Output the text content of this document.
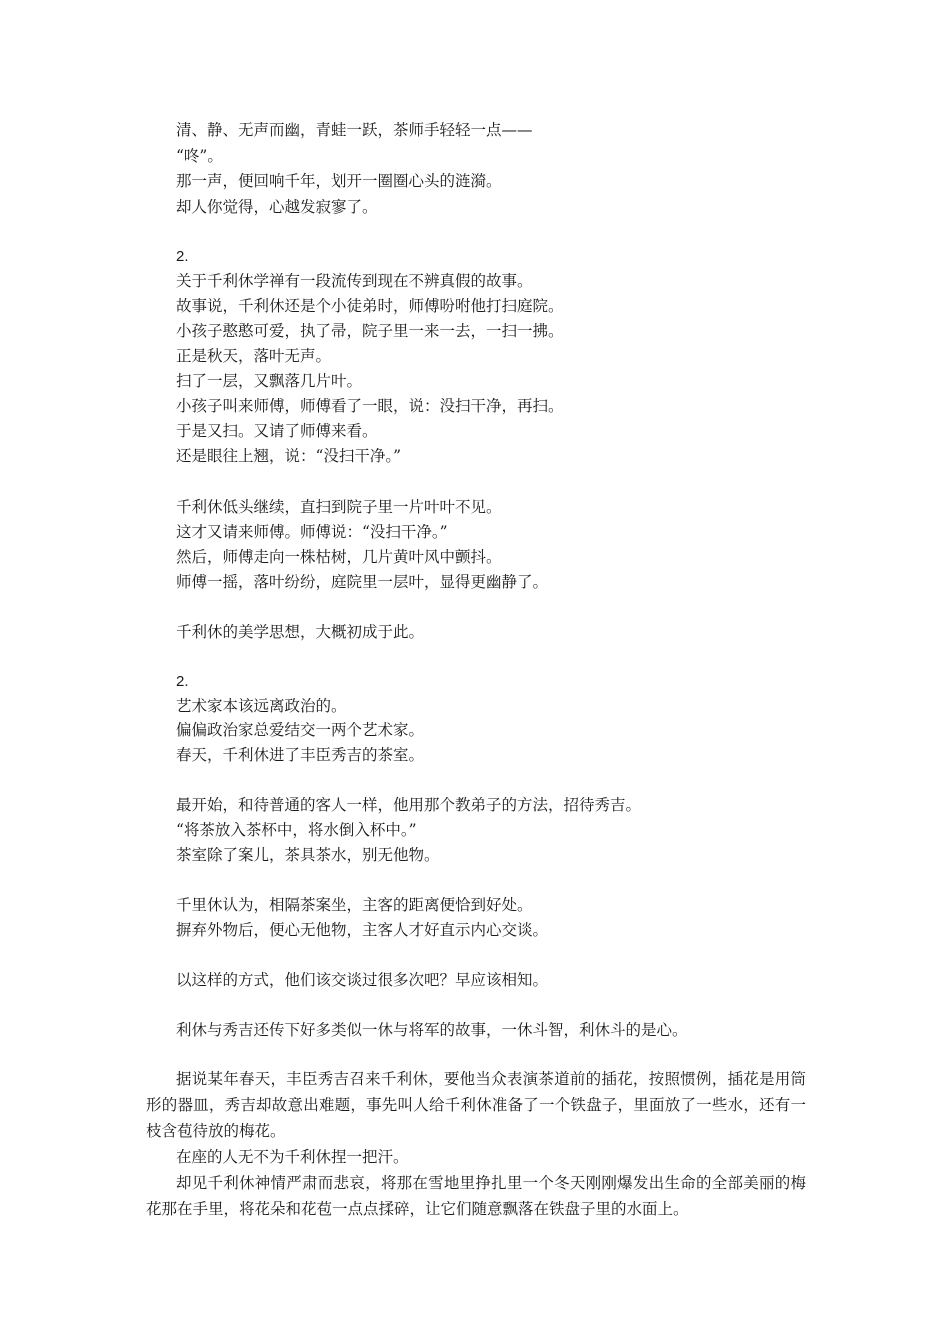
清、静、无声而幽，青蛙一跃，茶师手轻轻一点——
“咚”。
那一声，便回响千年，划开一圈圈心头的涟漪。
却人你觉得，心越发寂寥了。
2.
关于千利休学禅有一段流传到现在不辨真假的故事。
故事说，千利休还是个小徒弟时，师傅吩咐他打扫庭院。
小孩子憨憨可爱，执了帚，院子里一来一去，一扫一拂。
正是秋天，落叶无声。
扫了一层，又飘落几片叶。
小孩子叫来师傅，师傅看了一眼，说：没扫干净，再扫。
于是又扫。又请了师傅来看。
还是眼往上翘，说：“没扫干净。”
千利休低头继续，直扫到院子里一片叶叶不见。
这才又请来师傅。师傅说：“没扫干净。”
然后，师傅走向一株枯树，几片黄叶风中颤抖。
师傅一摇，落叶纷纷，庭院里一层叶，显得更幽静了。
千利休的美学思想，大概初成于此。
2.
艺术家本该远离政治的。
偏偏政治家总爱结交一两个艺术家。
春天，千利休进了丰臣秀吉的茶室。
最开始，和待普通的客人一样，他用那个教弟子的方法，招待秀吉。
“将茶放入茶杯中，将水倒入杯中。”
茶室除了案儿，茶具茶水，别无他物。
千里休认为，相隔茶案坐，主客的距离便恰到好处。
摒弃外物后，便心无他物，主客人才好直示内心交谈。
以这样的方式，他们该交谈过很多次吧？早应该相知。
利休与秀吉还传下好多类似一休与将军的故事，一休斗智，利休斗的是心。
据说某年春天，丰臣秀吉召来千利休，要他当众表演茶道前的插花，按照惯例，插花是用筒形的器皿，秀吉却故意出难题，事先叫人给千利休准备了一个铁盘子，里面放了一些水，还有一枝含苞待放的梅花。
在座的人无不为千利休捏一把汗。
却见千利休神情严肃而悲哀，将那在雪地里挣扎里一个冬天刚刚爆发出生命的全部美丽的梅花那在手里，将花朵和花苞一点点揉碎，让它们随意飘落在铁盘子里的水面上。
